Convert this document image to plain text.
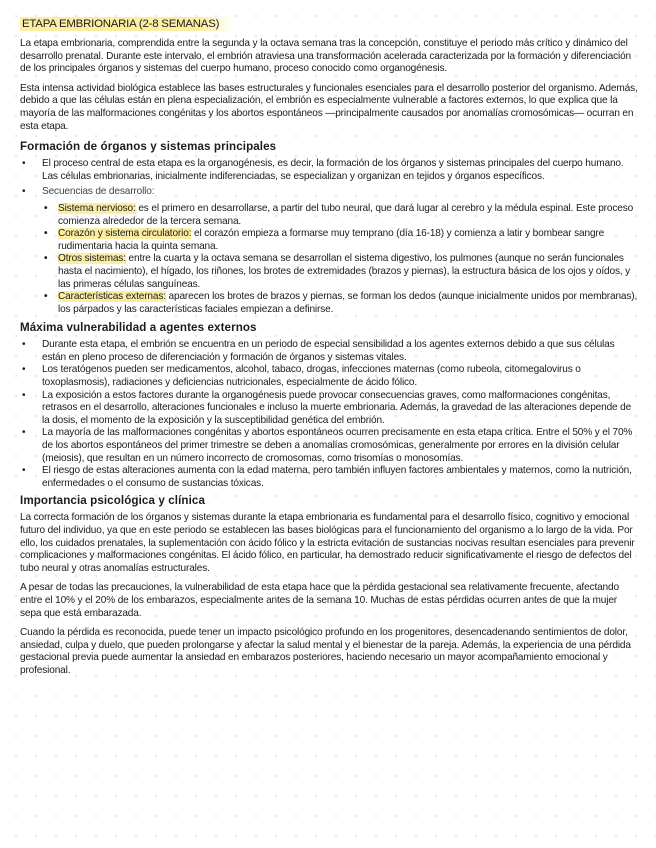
ETAPA EMBRIONARIA (2-8 SEMANAS)

La etapa embrionaria, comprendida entre la segunda y la octava semana tras la concepción, constituye el periodo más crítico y dinámico del desarrollo prenatal. Durante este intervalo, el embrión atraviesa una transformación acelerada caracterizada por la formación y diferenciación de los principales órganos y sistemas del cuerpo humano, proceso conocido como organogénesis.

Esta intensa actividad biológica establece las bases estructurales y funcionales esenciales para el desarrollo posterior del organismo. Además, debido a que las células están en plena especialización, el embrión es especialmente vulnerable a factores externos, lo que explica que la mayoría de las malformaciones congénitas y los abortos espontáneos —principalmente causados por anomalías cromosómicas— ocurran en esta etapa.

Formación de órganos y sistemas principales
• El proceso central de esta etapa es la organogénesis, es decir, la formación de los órganos y sistemas principales del cuerpo humano. Las células embrionarias, inicialmente indiferenciadas, se especializan y organizan en tejidos y órganos específicos.
• Secuencias de desarrollo:
• Sistema nervioso: es el primero en desarrollarse, a partir del tubo neural, que dará lugar al cerebro y la médula espinal. Este proceso comienza alrededor de la tercera semana.
• Corazón y sistema circulatorio: el corazón empieza a formarse muy temprano (día 16-18) y comienza a latir y bombear sangre rudimentaria hacia la quinta semana.
• Otros sistemas: entre la cuarta y la octava semana se desarrollan el sistema digestivo, los pulmones (aunque no serán funcionales hasta el nacimiento), el hígado, los riñones, los brotes de extremidades (brazos y piernas), la estructura básica de los ojos y oídos, y las primeras células sanguíneas.
• Características externas: aparecen los brotes de brazos y piernas, se forman los dedos (aunque inicialmente unidos por membranas), los párpados y las características faciales empiezan a definirse.
Máxima vulnerabilidad a agentes externos
• Durante esta etapa, el embrión se encuentra en un periodo de especial sensibilidad a los agentes externos debido a que sus células están en pleno proceso de diferenciación y formación de órganos y sistemas vitales.
• Los teratógenos pueden ser medicamentos, alcohol, tabaco, drogas, infecciones maternas (como rubeola, citomegalovirus o toxoplasmosis), radiaciones y deficiencias nutricionales, especialmente de ácido fólico.
• La exposición a estos factores durante la organogénesis puede provocar consecuencias graves, como malformaciones congénitas, retrasos en el desarrollo, alteraciones funcionales e incluso la muerte embrionaria. Además, la gravedad de las alteraciones depende de la dosis, el momento de la exposición y la susceptibilidad genética del embrión.
• La mayoría de las malformaciones congénitas y abortos espontáneos ocurren precisamente en esta etapa crítica. Entre el 50% y el 70% de los abortos espontáneos del primer trimestre se deben a anomalías cromosómicas, generalmente por errores en la división celular (meiosis), que resultan en un número incorrecto de cromosomas, como trisomías o monosomías.
• El riesgo de estas alteraciones aumenta con la edad materna, pero también influyen factores ambientales y maternos, como la nutrición, enfermedades o el consumo de sustancias tóxicas.
Importancia psicológica y clínica

La correcta formación de los órganos y sistemas durante la etapa embrionaria es fundamental para el desarrollo físico, cognitivo y emocional futuro del individuo, ya que en este periodo se establecen las bases biológicas para el funcionamiento del organismo a lo largo de la vida. Por ello, los cuidados prenatales, la suplementación con ácido fólico y la estricta evitación de sustancias nocivas resultan esenciales para prevenir complicaciones y malformaciones congénitas. El ácido fólico, en particular, ha demostrado reducir significativamente el riesgo de defectos del tubo neural y otras anomalías estructurales.

A pesar de todas las precauciones, la vulnerabilidad de esta etapa hace que la pérdida gestacional sea relativamente frecuente, afectando entre el 10% y el 20% de los embarazos, especialmente antes de la semana 10. Muchas de estas pérdidas ocurren antes de que la mujer sepa que está embarazada.

Cuando la pérdida es reconocida, puede tener un impacto psicológico profundo en los progenitores, desencadenando sentimientos de dolor, ansiedad, culpa y duelo, que pueden prolongarse y afectar la salud mental y el bienestar de la pareja. Además, la experiencia de una pérdida gestacional previa puede aumentar la ansiedad en embarazos posteriores, haciendo necesario un mayor acompañamiento emocional y profesional.
